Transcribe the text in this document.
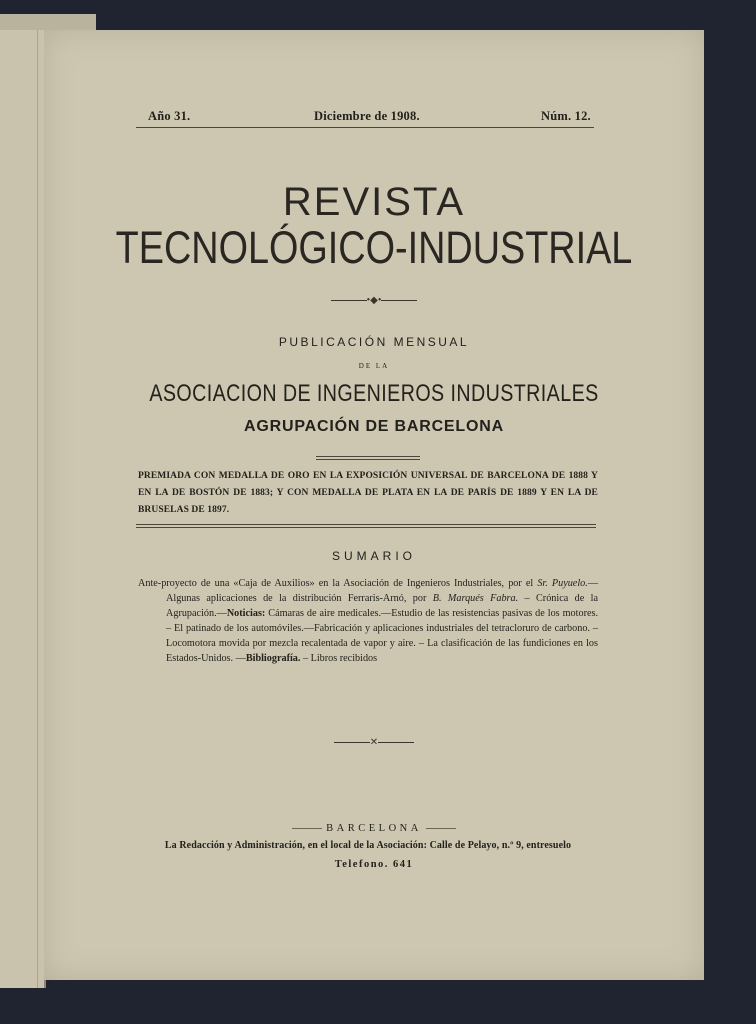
Año 31.	Diciembre de 1908.	Núm. 12.
REVISTA
TECNOLÓGICO-INDUSTRIAL
•◆•
PUBLICACIÓN MENSUAL
DE LA
ASOCIACION DE INGENIEROS INDUSTRIALES
AGRUPACIÓN DE BARCELONA
PREMIADA CON MEDALLA DE ORO EN LA EXPOSICIÓN UNIVERSAL DE BARCELONA DE 1888 Y EN LA DE BOSTÓN DE 1883; Y CON MEDALLA DE PLATA EN LA DE PARÍS DE 1889 Y EN LA DE BRUSELAS DE 1897.
SUMARIO
Ante-proyecto de una «Caja de Auxilios» en la Asociación de Ingenieros Industriales, por el Sr. Puyuelo.—Algunas aplicaciones de la distribución Ferraris-Arnó, por B. Marqués Fabra. – Crónica de la Agrupación.—Noticias: Cámaras de aire medicales.—Estudio de las resistencias pasivas de los motores. – El patinado de los automóviles.—Fabricación y aplicaciones industriales del tetracloruro de carbono. – Locomotora movida por mezcla recalentada de vapor y aire. – La clasificación de las fundiciones en los Estados-Unidos. —Bibliografía. – Libros recibidos
✕
BARCELONA
La Redacción y Administración, en el local de la Asociación: Calle de Pelayo, n.º 9, entresuelo
Telefono. 641
